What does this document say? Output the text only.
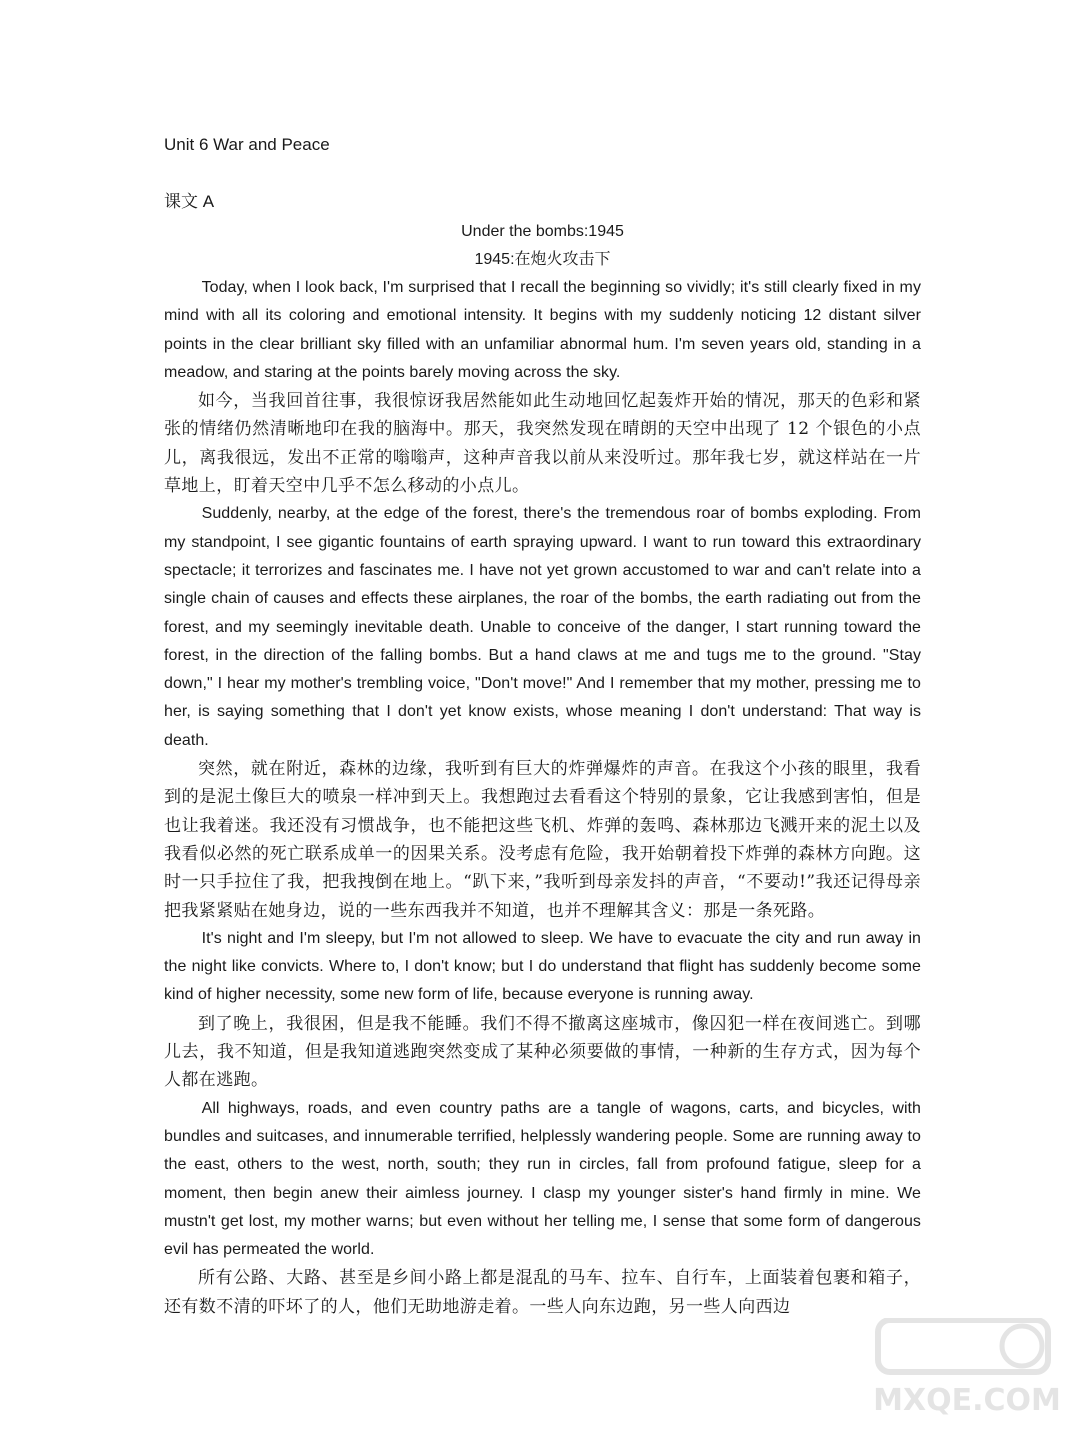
Unit 6 War and Peace

课文 A

Under the bombs:1945

1945:在炮火攻击下

Today, when I look back, I'm surprised that I recall the beginning so vividly; it's still clearly fixed in my mind with all its coloring and emotional intensity. It begins with my suddenly noticing 12 distant silver points in the clear brilliant sky filled with an unfamiliar abnormal hum. I'm seven years old, standing in a meadow, and staring at the points barely moving across the sky.

如今，当我回首往事，我很惊讶我居然能如此生动地回忆起轰炸开始的情况，那天的色彩和紧张的情绪仍然清晰地印在我的脑海中。那天，我突然发现在晴朗的天空中出现了 12 个银色的小点儿，离我很远，发出不正常的嗡嗡声，这种声音我以前从来没听过。那年我七岁，就这样站在一片草地上，盯着天空中几乎不怎么移动的小点儿。

Suddenly, nearby, at the edge of the forest, there's the tremendous roar of bombs exploding. From my standpoint, I see gigantic fountains of earth spraying upward. I want to run toward this extraordinary spectacle; it terrorizes and fascinates me. I have not yet grown accustomed to war and can't relate into a single chain of causes and effects these airplanes, the roar of the bombs, the earth radiating out from the forest, and my seemingly inevitable death. Unable to conceive of the danger, I start running toward the forest, in the direction of the falling bombs. But a hand claws at me and tugs me to the ground. "Stay down," I hear my mother's trembling voice, "Don't move!" And I remember that my mother, pressing me to her, is saying something that I don't yet know exists, whose meaning I don't understand: That way is death.

突然，就在附近，森林的边缘，我听到有巨大的炸弹爆炸的声音。在我这个小孩的眼里，我看到的是泥土像巨大的喷泉一样冲到天上。我想跑过去看看这个特别的景象，它让我感到害怕，但是也让我着迷。我还没有习惯战争，也不能把这些飞机、炸弹的轰鸣、森林那边飞溅开来的泥土以及我看似必然的死亡联系成单一的因果关系。没考虑有危险，我开始朝着投下炸弹的森林方向跑。这时一只手拉住了我，把我拽倒在地上。“趴下来，”我听到母亲发抖的声音，“不要动!”我还记得母亲把我紧紧贴在她身边，说的一些东西我并不知道，也并不理解其含义：那是一条死路。

It's night and I'm sleepy, but I'm not allowed to sleep. We have to evacuate the city and run away in the night like convicts. Where to, I don't know; but I do understand that flight has suddenly become some kind of higher necessity, some new form of life, because everyone is running away.

到了晚上，我很困，但是我不能睡。我们不得不撤离这座城市，像囚犯一样在夜间逃亡。到哪儿去，我不知道，但是我知道逃跑突然变成了某种必须要做的事情，一种新的生存方式，因为每个人都在逃跑。

All highways, roads, and even country paths are a tangle of wagons, carts, and bicycles, with bundles and suitcases, and innumerable terrified, helplessly wandering people. Some are running away to the east, others to the west, north, south; they run in circles, fall from profound fatigue, sleep for a moment, then begin anew their aimless journey. I clasp my younger sister's hand firmly in mine. We mustn't get lost, my mother warns; but even without her telling me, I sense that some form of dangerous evil has permeated the world.

所有公路、大路、甚至是乡间小路上都是混乱的马车、拉车、自行车，上面装着包裹和箱子，还有数不清的吓坏了的人，他们无助地游走着。一些人向东边跑，另一些人向西边

MXQE.COM
